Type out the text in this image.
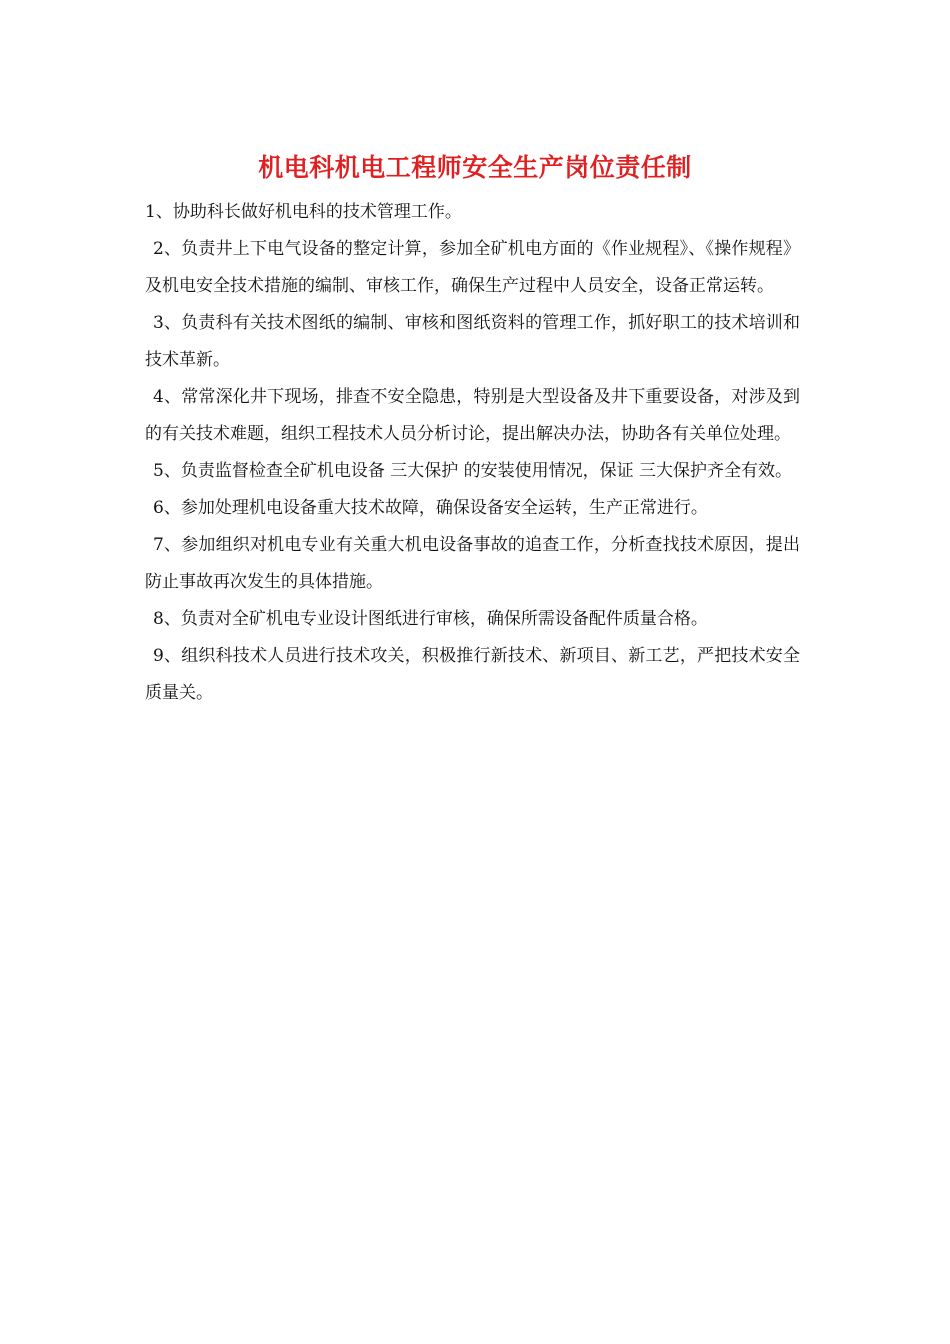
机电科机电工程师安全生产岗位责任制

1、协助科长做好机电科的技术管理工作。

2、负责井上下电气设备的整定计算，参加全矿机电方面的《作业规程》、《操作规程》及机电安全技术措施的编制、审核工作，确保生产过程中人员安全，设备正常运转。

3、负责科有关技术图纸的编制、审核和图纸资料的管理工作，抓好职工的技术培训和技术革新。

4、常常深化井下现场，排查不安全隐患，特别是大型设备及井下重要设备，对涉及到的有关技术难题，组织工程技术人员分析讨论，提出解决办法，协助各有关单位处理。

5、负责监督检查全矿机电设备 三大保护 的安装使用情况，保证 三大保护齐全有效。

6、参加处理机电设备重大技术故障，确保设备安全运转，生产正常进行。

7、参加组织对机电专业有关重大机电设备事故的追查工作，分析查找技术原因，提出防止事故再次发生的具体措施。

8、负责对全矿机电专业设计图纸进行审核，确保所需设备配件质量合格。

9、组织科技术人员进行技术攻关，积极推行新技术、新项目、新工艺，严把技术安全质量关。
